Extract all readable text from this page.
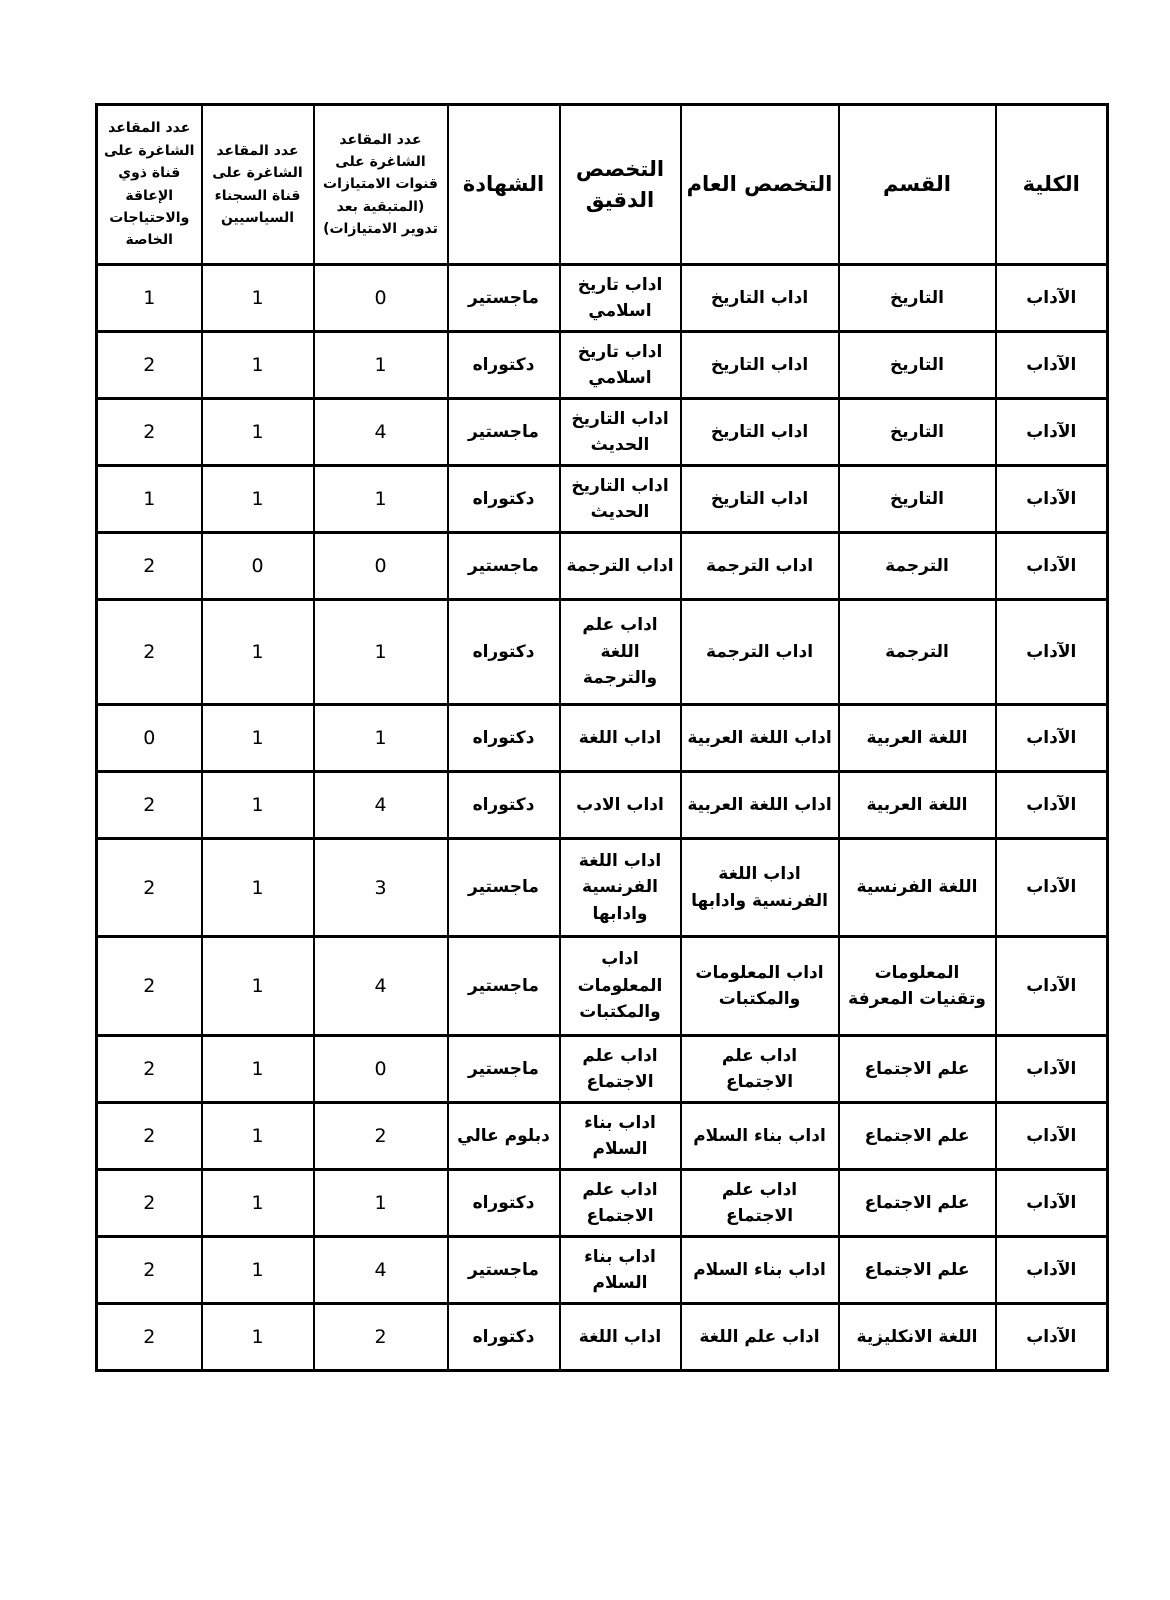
الكلية	القسم	التخصص العام	التخصص الدقيق	الشهادة	عدد المقاعد الشاغرة على قنوات الامتيازات (المتبقية بعد تدوير الامتيازات)	عدد المقاعد الشاغرة على قناة السجناء السياسيين	عدد المقاعد الشاغرة على قناة ذوي الإعاقة والاحتياجات الخاصة
الآداب	التاريخ	اداب التاريخ	اداب تاريخ اسلامي	ماجستير	0	1	1
الآداب	التاريخ	اداب التاريخ	اداب تاريخ اسلامي	دكتوراه	1	1	2
الآداب	التاريخ	اداب التاريخ	اداب التاريخ الحديث	ماجستير	4	1	2
الآداب	التاريخ	اداب التاريخ	اداب التاريخ الحديث	دكتوراه	1	1	1
الآداب	الترجمة	اداب الترجمة	اداب الترجمة	ماجستير	0	0	2
الآداب	الترجمة	اداب الترجمة	اداب علم اللغة والترجمة	دكتوراه	1	1	2
الآداب	اللغة العربية	اداب اللغة العربية	اداب اللغة	دكتوراه	1	1	0
الآداب	اللغة العربية	اداب اللغة العربية	اداب الادب	دكتوراه	4	1	2
الآداب	اللغة الفرنسية	اداب اللغة الفرنسية وادابها	اداب اللغة الفرنسية وادابها	ماجستير	3	1	2
الآداب	المعلومات وتقنيات المعرفة	اداب المعلومات والمكتبات	اداب المعلومات والمكتبات	ماجستير	4	1	2
الآداب	علم الاجتماع	اداب علم الاجتماع	اداب علم الاجتماع	ماجستير	0	1	2
الآداب	علم الاجتماع	اداب بناء السلام	اداب بناء السلام	دبلوم عالي	2	1	2
الآداب	علم الاجتماع	اداب علم الاجتماع	اداب علم الاجتماع	دكتوراه	1	1	2
الآداب	علم الاجتماع	اداب بناء السلام	اداب بناء السلام	ماجستير	4	1	2
الآداب	اللغة الانكليزية	اداب علم اللغة	اداب اللغة	دكتوراه	2	1	2
